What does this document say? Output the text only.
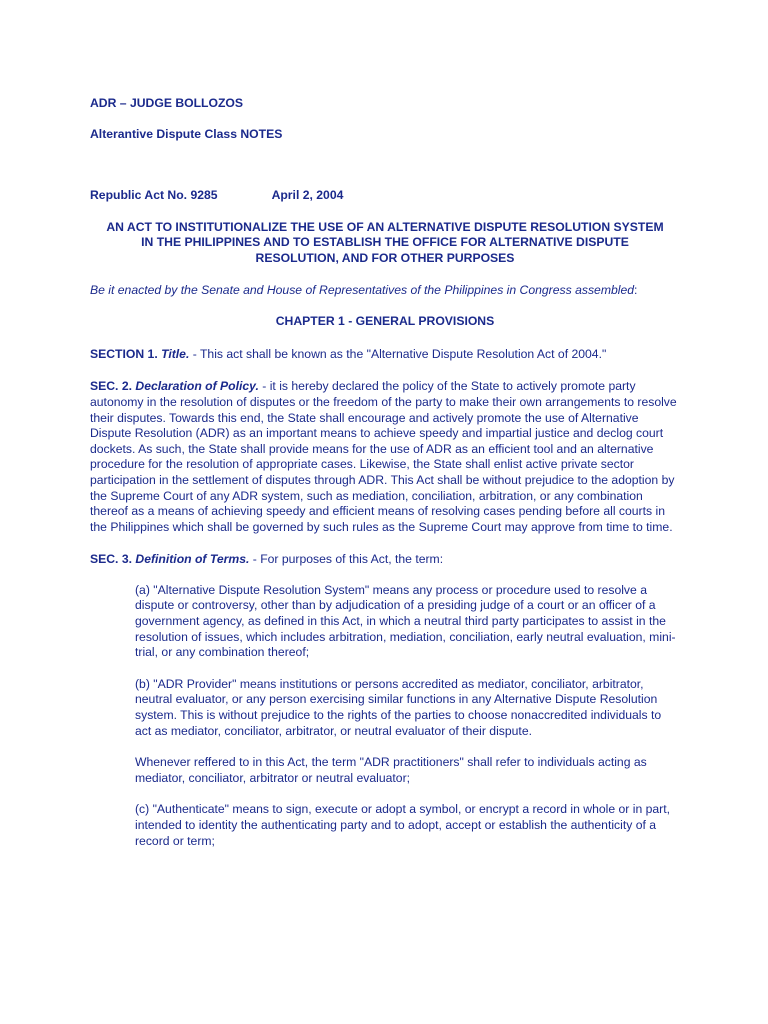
ADR – JUDGE BOLLOZOS

Alterantive Dispute Class NOTES

Republic Act No. 9285	April 2, 2004

AN ACT TO INSTITUTIONALIZE THE USE OF AN ALTERNATIVE DISPUTE RESOLUTION SYSTEM IN THE PHILIPPINES AND TO ESTABLISH THE OFFICE FOR ALTERNATIVE DISPUTE RESOLUTION, AND FOR OTHER PURPOSES

Be it enacted by the Senate and House of Representatives of the Philippines in Congress assembled:

CHAPTER 1 - GENERAL PROVISIONS

SECTION 1. Title. - This act shall be known as the "Alternative Dispute Resolution Act of 2004."

SEC. 2. Declaration of Policy. - it is hereby declared the policy of the State to actively promote party autonomy in the resolution of disputes or the freedom of the party to make their own arrangements to resolve their disputes. Towards this end, the State shall encourage and actively promote the use of Alternative Dispute Resolution (ADR) as an important means to achieve speedy and impartial justice and declog court dockets. As such, the State shall provide means for the use of ADR as an efficient tool and an alternative procedure for the resolution of appropriate cases. Likewise, the State shall enlist active private sector participation in the settlement of disputes through ADR. This Act shall be without prejudice to the adoption by the Supreme Court of any ADR system, such as mediation, conciliation, arbitration, or any combination thereof as a means of achieving speedy and efficient means of resolving cases pending before all courts in the Philippines which shall be governed by such rules as the Supreme Court may approve from time to time.

SEC. 3. Definition of Terms. - For purposes of this Act, the term:

(a) "Alternative Dispute Resolution System" means any process or procedure used to resolve a dispute or controversy, other than by adjudication of a presiding judge of a court or an officer of a government agency, as defined in this Act, in which a neutral third party participates to assist in the resolution of issues, which includes arbitration, mediation, conciliation, early neutral evaluation, mini-trial, or any combination thereof;

(b) "ADR Provider" means institutions or persons accredited as mediator, conciliator, arbitrator, neutral evaluator, or any person exercising similar functions in any Alternative Dispute Resolution system. This is without prejudice to the rights of the parties to choose nonaccredited individuals to act as mediator, conciliator, arbitrator, or neutral evaluator of their dispute.

Whenever reffered to in this Act, the term "ADR practitioners" shall refer to individuals acting as mediator, conciliator, arbitrator or neutral evaluator;

(c) "Authenticate" means to sign, execute or adopt a symbol, or encrypt a record in whole or in part, intended to identity the authenticating party and to adopt, accept or establish the authenticity of a record or term;
